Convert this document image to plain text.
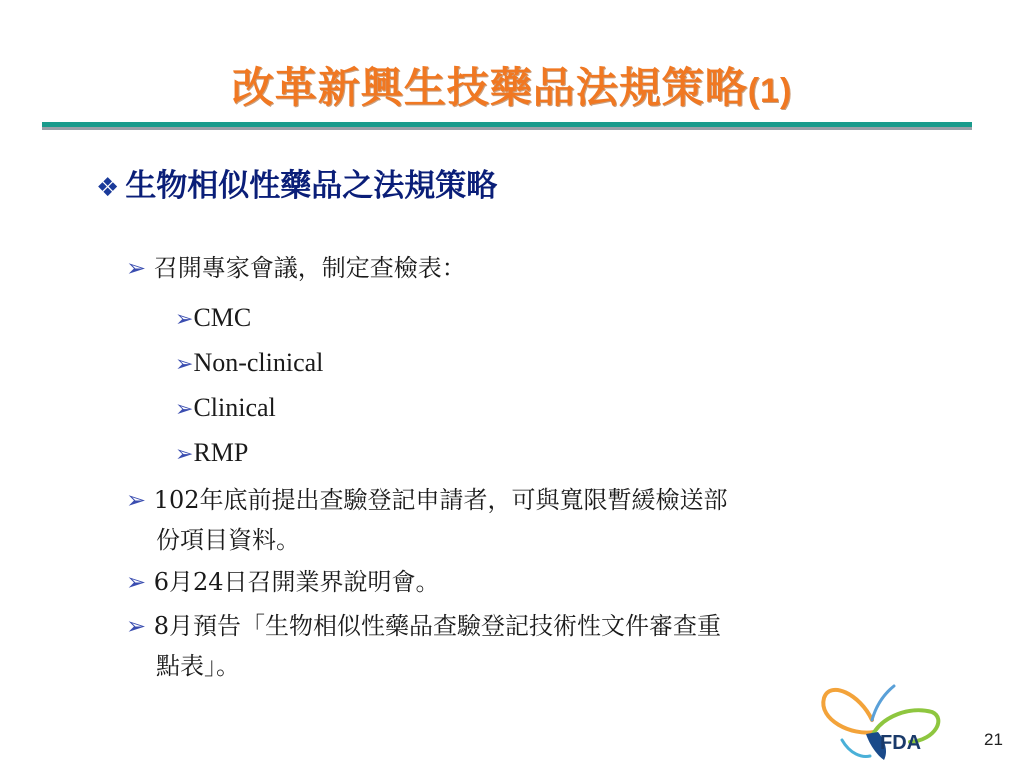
改革新興生技藥品法規策略(1)
❖ 生物相似性藥品之法規策略
➢ 召開專家會議，制定查檢表：
➢CMC
➢Non-clinical
➢Clinical
➢RMP
➢ 102年底前提出查驗登記申請者，可與寬限暫緩檢送部
份項目資料。
➢ 6月24日召開業界說明會。
➢ 8月預告「生物相似性藥品查驗登記技術性文件審查重
點表」。
FDA	21
